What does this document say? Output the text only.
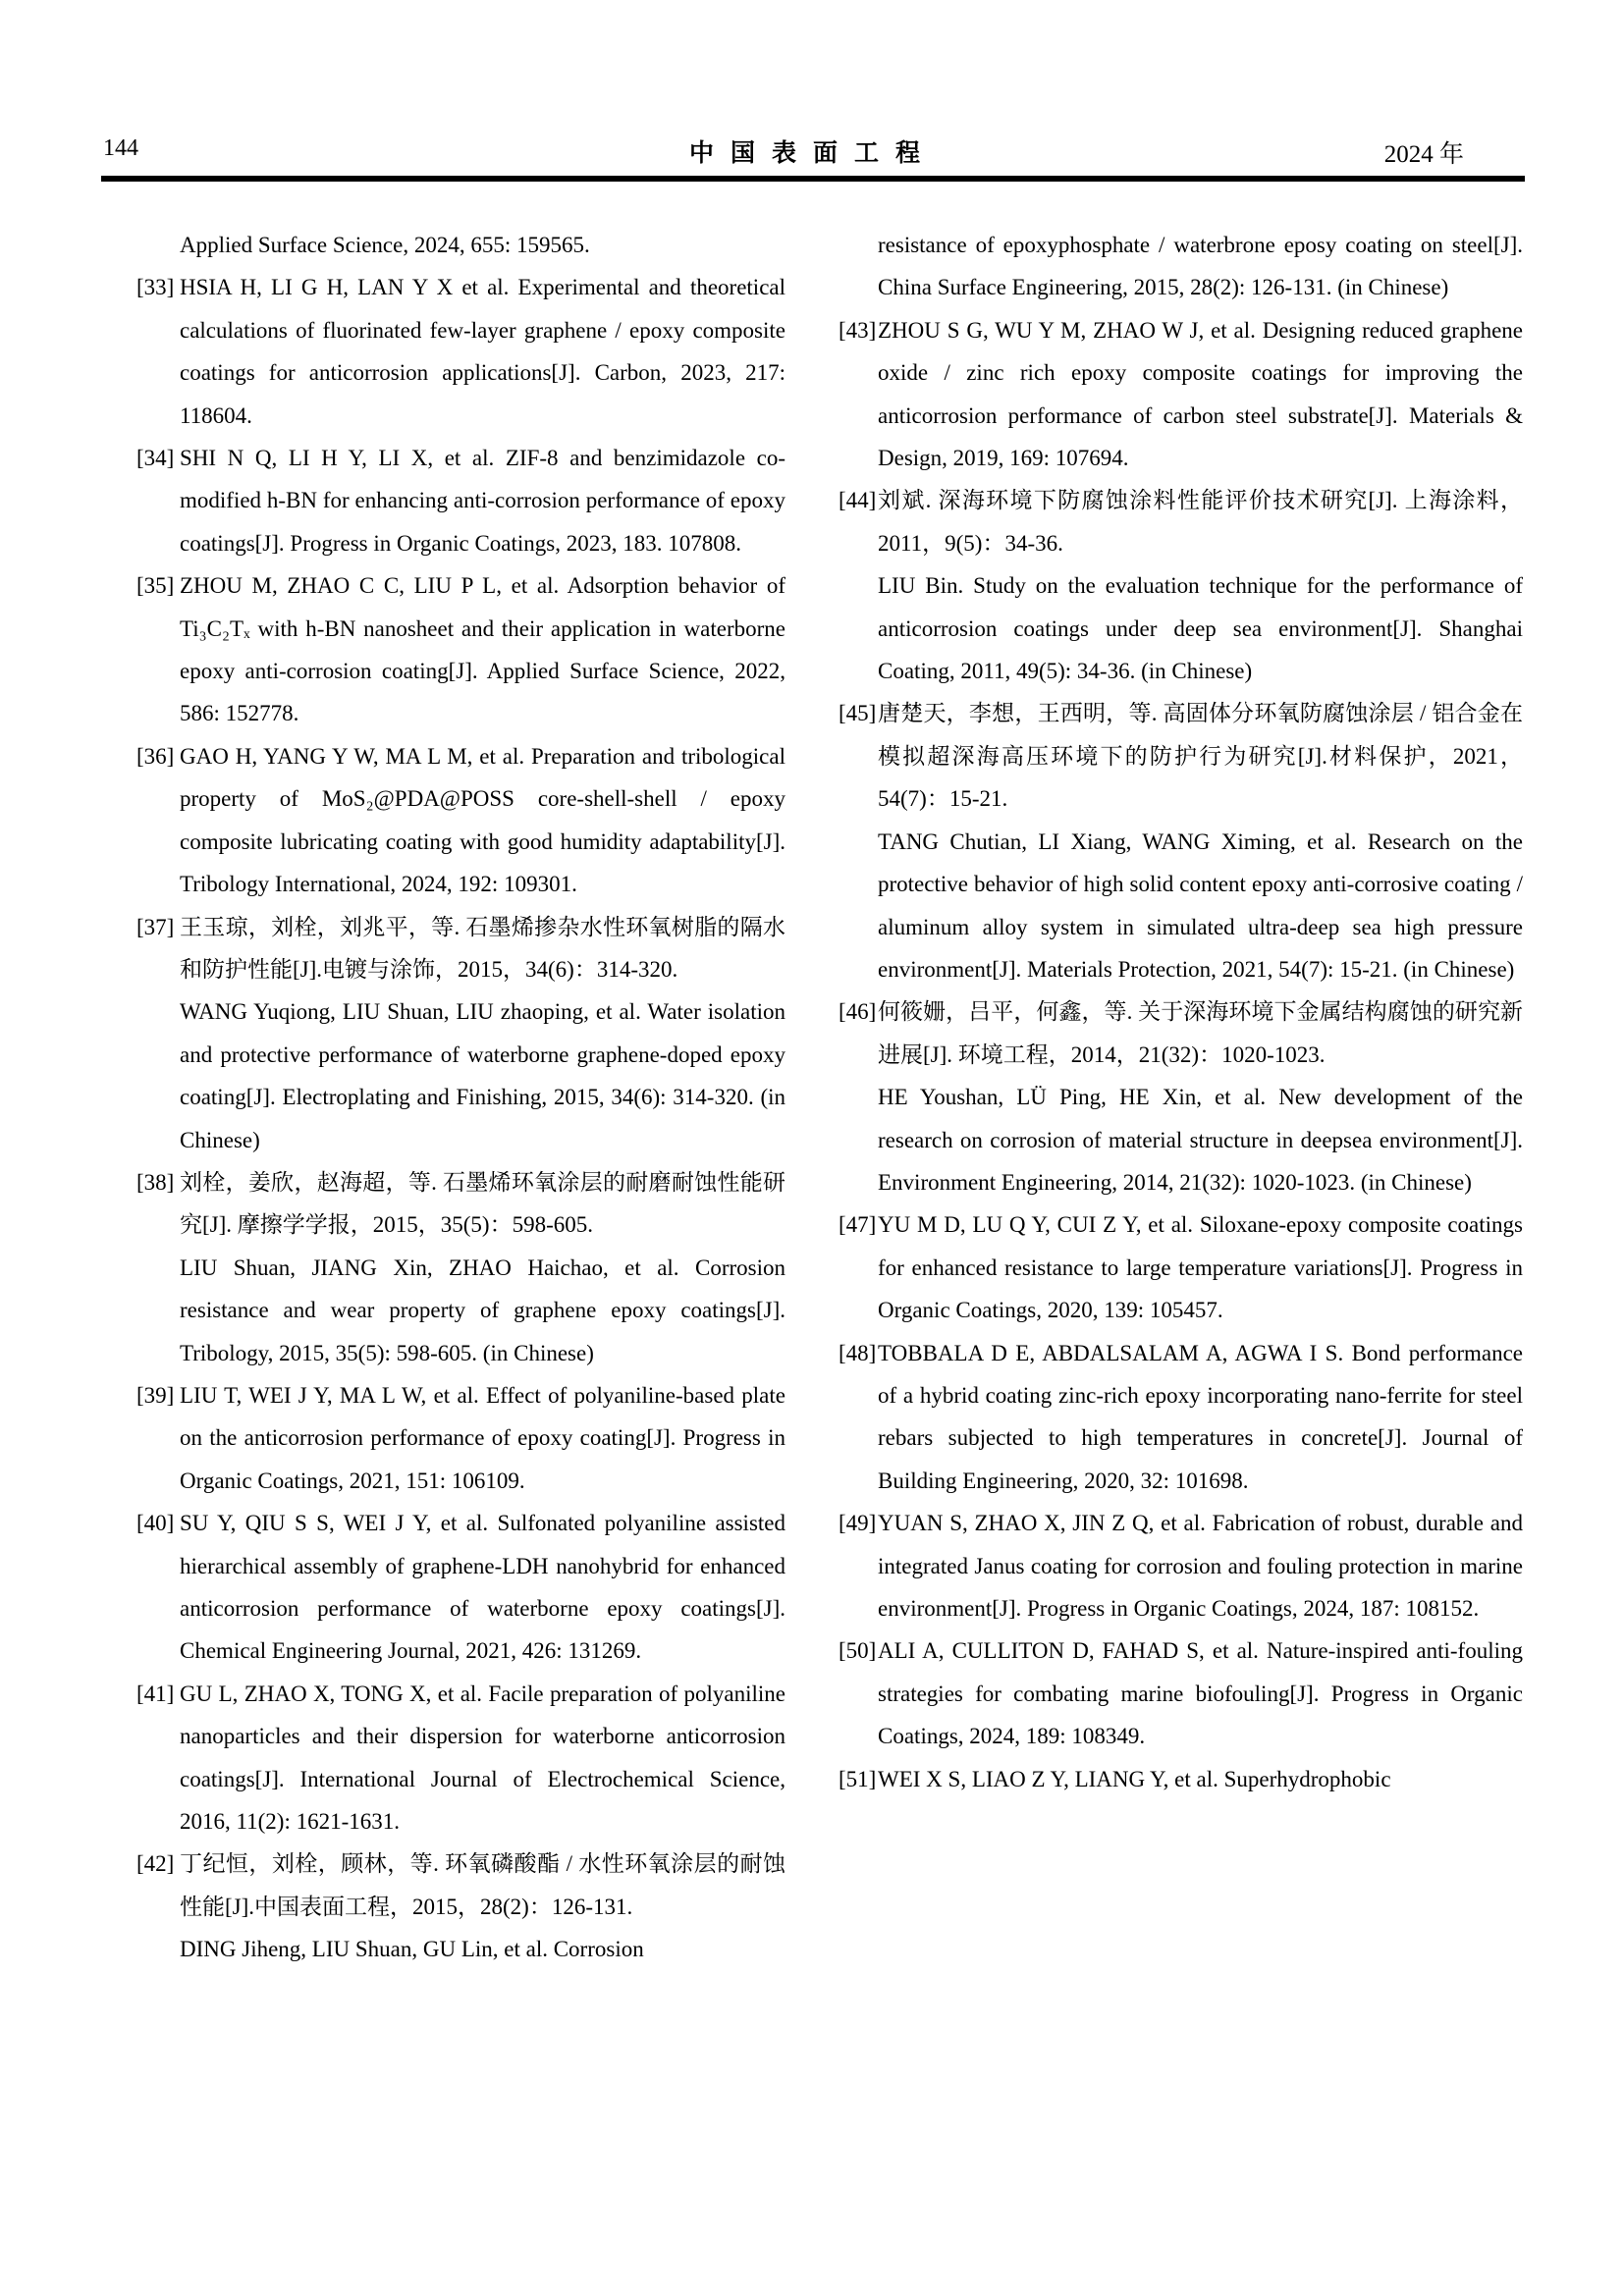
144	中国表面工程	2024 年

Applied Surface Science, 2024, 655: 159565.

[33] HSIA H, LI G H, LAN Y X et al. Experimental and theoretical calculations of fluorinated few-layer graphene / epoxy composite coatings for anticorrosion applications[J]. Carbon, 2023, 217: 118604.

[34] SHI N Q, LI H Y, LI X, et al. ZIF-8 and benzimidazole co-modified h-BN for enhancing anti-corrosion performance of epoxy coatings[J]. Progress in Organic Coatings, 2023, 183. 107808.

[35] ZHOU M, ZHAO C C, LIU P L, et al. Adsorption behavior of Ti₃C₂Tₓ with h-BN nanosheet and their application in waterborne epoxy anti-corrosion coating[J]. Applied Surface Science, 2022, 586: 152778.

[36] GAO H, YANG Y W, MA L M, et al. Preparation and tribological property of MoS₂@PDA@POSS core-shell-shell / epoxy composite lubricating coating with good humidity adaptability[J]. Tribology International, 2024, 192: 109301.

[37] 王玉琼，刘栓，刘兆平，等. 石墨烯掺杂水性环氧树脂的隔水和防护性能[J].电镀与涂饰，2015，34(6)：314-320.

WANG Yuqiong, LIU Shuan, LIU zhaoping, et al. Water isolation and protective performance of waterborne graphene-doped epoxy coating[J]. Electroplating and Finishing, 2015, 34(6): 314-320. (in Chinese)

[38] 刘栓，姜欣，赵海超，等. 石墨烯环氧涂层的耐磨耐蚀性能研究[J]. 摩擦学学报，2015，35(5)：598-605.

LIU Shuan, JIANG Xin, ZHAO Haichao, et al. Corrosion resistance and wear property of graphene epoxy coatings[J]. Tribology, 2015, 35(5): 598-605. (in Chinese)

[39] LIU T, WEI J Y, MA L W, et al. Effect of polyaniline-based plate on the anticorrosion performance of epoxy coating[J]. Progress in Organic Coatings, 2021, 151: 106109.

[40] SU Y, QIU S S, WEI J Y, et al. Sulfonated polyaniline assisted hierarchical assembly of graphene-LDH nanohybrid for enhanced anticorrosion performance of waterborne epoxy coatings[J]. Chemical Engineering Journal, 2021, 426: 131269.

[41] GU L, ZHAO X, TONG X, et al. Facile preparation of polyaniline nanoparticles and their dispersion for waterborne anticorrosion coatings[J]. International Journal of Electrochemical Science, 2016, 11(2): 1621-1631.

[42] 丁纪恒，刘栓，顾林，等. 环氧磷酸酯 / 水性环氧涂层的耐蚀性能[J].中国表面工程，2015，28(2)：126-131.

DING Jiheng, LIU Shuan, GU Lin, et al. Corrosion

resistance of epoxyphosphate / waterbrone eposy coating on steel[J]. China Surface Engineering, 2015, 28(2): 126-131. (in Chinese)

[43] ZHOU S G, WU Y M, ZHAO W J, et al. Designing reduced graphene oxide / zinc rich epoxy composite coatings for improving the anticorrosion performance of carbon steel substrate[J]. Materials & Design, 2019, 169: 107694.

[44] 刘斌. 深海环境下防腐蚀涂料性能评价技术研究[J]. 上海涂料，2011，9(5)：34-36.

LIU Bin. Study on the evaluation technique for the performance of anticorrosion coatings under deep sea environment[J]. Shanghai Coating, 2011, 49(5): 34-36. (in Chinese)

[45] 唐楚天，李想，王西明，等. 高固体分环氧防腐蚀涂层 / 铝合金在模拟超深海高压环境下的防护行为研究[J].材料保护，2021，54(7)：15-21.

TANG Chutian, LI Xiang, WANG Ximing, et al. Research on the protective behavior of high solid content epoxy anti-corrosive coating / aluminum alloy system in simulated ultra-deep sea high pressure environment[J]. Materials Protection, 2021, 54(7): 15-21. (in Chinese)

[46] 何筱姗，吕平，何鑫，等. 关于深海环境下金属结构腐蚀的研究新进展[J]. 环境工程，2014，21(32)：1020-1023.

HE Youshan, LÜ Ping, HE Xin, et al. New development of the research on corrosion of material structure in deepsea environment[J]. Environment Engineering, 2014, 21(32): 1020-1023. (in Chinese)

[47] YU M D, LU Q Y, CUI Z Y, et al. Siloxane-epoxy composite coatings for enhanced resistance to large temperature variations[J]. Progress in Organic Coatings, 2020, 139: 105457.

[48] TOBBALA D E, ABDALSALAM A, AGWA I S. Bond performance of a hybrid coating zinc-rich epoxy incorporating nano-ferrite for steel rebars subjected to high temperatures in concrete[J]. Journal of Building Engineering, 2020, 32: 101698.

[49] YUAN S, ZHAO X, JIN Z Q, et al. Fabrication of robust, durable and integrated Janus coating for corrosion and fouling protection in marine environment[J]. Progress in Organic Coatings, 2024, 187: 108152.

[50] ALI A, CULLITON D, FAHAD S, et al. Nature-inspired anti-fouling strategies for combating marine biofouling[J]. Progress in Organic Coatings, 2024, 189: 108349.

[51] WEI X S, LIAO Z Y, LIANG Y, et al. Superhydrophobic
